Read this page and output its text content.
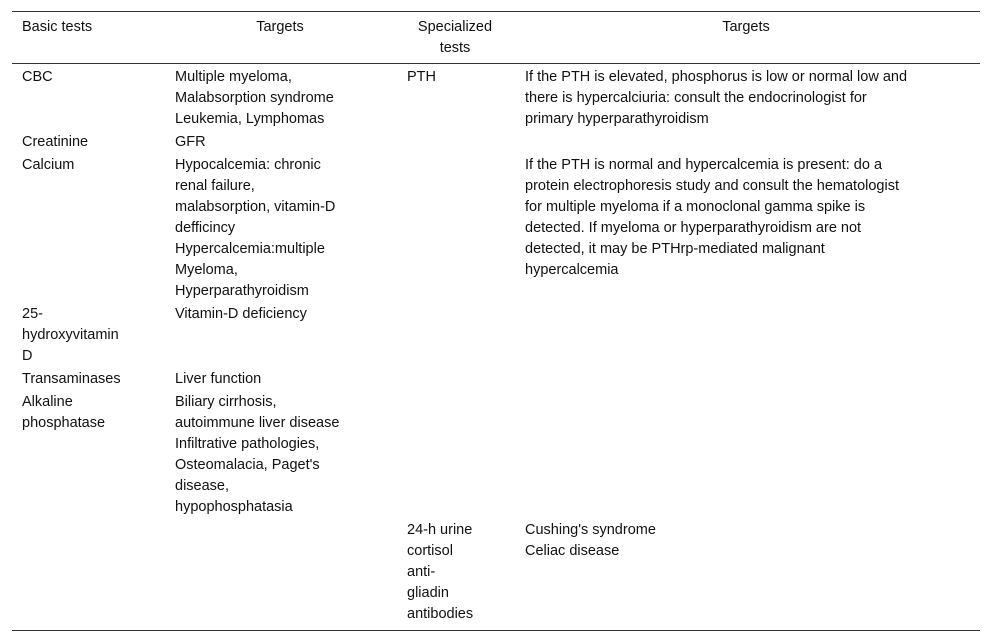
Basic tests	Targets	Specialized
tests
Targets
CBC
Creatinine
Calcium
25-
hydroxyvitamin
D
Transaminases
Alkaline
phosphatase
Multiple myeloma,
Malabsorption syndrome
Leukemia, Lymphomas
GFR
Hypocalcemia: chronic
renal failure,
malabsorption, vitamin-D
defficincy
Hypercalcemia:multiple
Myeloma,
Hyperparathyroidism
Vitamin-D deficiency
Liver function
Biliary cirrhosis,
autoimmune liver disease
Infiltrative pathologies,
Osteomalacia, Paget's
disease,
hypophosphatasia
PTH
24-h urine
cortisol
anti-
gliadin
antibodies
If the PTH is elevated, phosphorus is low or normal low and
there is hypercalciuria: consult the endocrinologist for
primary hyperparathyroidism
If the PTH is normal and hypercalcemia is present: do a
protein electrophoresis study and consult the hematologist
for multiple myeloma if a monoclonal gamma spike is
detected. If myeloma or hyperparathyroidism are not
detected, it may be PTHrp-mediated malignant
hypercalcemia
Cushing's syndrome
Celiac disease
